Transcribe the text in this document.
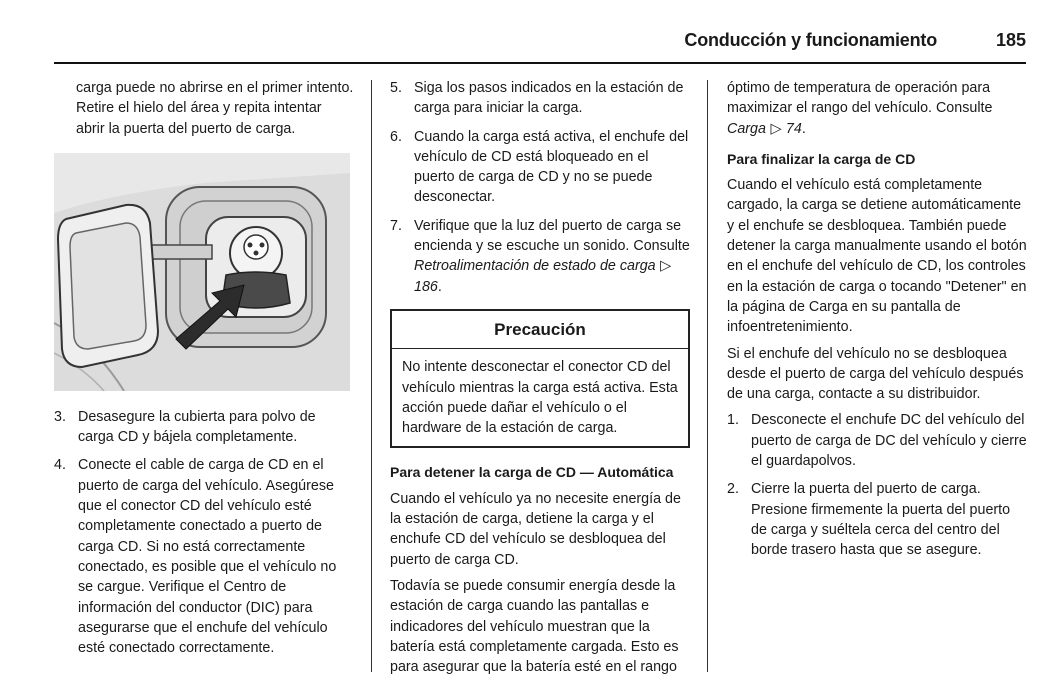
Conducción y funcionamiento	185

carga puede no abrirse en el primer intento. Retire el hielo del área y repita intentar abrir la puerta del puerto de carga.

3. Desasegure la cubierta para polvo de carga CD y bájela completamente.
4. Conecte el cable de carga de CD en el puerto de carga del vehículo. Asegúrese que el conector CD del vehículo esté completamente conectado a puerto de carga CD. Si no está correctamente conectado, es posible que el vehículo no se cargue. Verifique el Centro de información del conductor (DIC) para asegurarse que el enchufe del vehículo esté conectado correctamente.
5. Siga los pasos indicados en la estación de carga para iniciar la carga.
6. Cuando la carga está activa, el enchufe del vehículo de CD está bloqueado en el puerto de carga de CD y no se puede desconectar.
7. Verifique que la luz del puerto de carga se encienda y se escuche un sonido. Consulte Retroalimentación de estado de carga ▷ 186.
Precaución
No intente desconectar el conector CD del vehículo mientras la carga está activa. Esta acción puede dañar el vehículo o el hardware de la estación de carga.
Para detener la carga de CD — Automática

Cuando el vehículo ya no necesite energía de la estación de carga, detiene la carga y el enchufe CD del vehículo se desbloquea del puerto de carga CD.

Todavía se puede consumir energía desde la estación de carga cuando las pantallas e indicadores del vehículo muestran que la batería está completamente cargada. Esto es para asegurar que la batería esté en el rango

óptimo de temperatura de operación para maximizar el rango del vehículo. Consulte Carga ▷ 74.

Para finalizar la carga de CD

Cuando el vehículo está completamente cargado, la carga se detiene automáticamente y el enchufe se desbloquea. También puede detener la carga manualmente usando el botón en el enchufe del vehículo de CD, los controles en la estación de carga o tocando "Detener" en la página de Carga en su pantalla de infoentretenimiento.

Si el enchufe del vehículo no se desbloquea desde el puerto de carga del vehículo después de una carga, contacte a su distribuidor.

1. Desconecte el enchufe DC del vehículo del puerto de carga de DC del vehículo y cierre el guardapolvos.
2. Cierre la puerta del puerto de carga. Presione firmemente la puerta del puerto de carga y suéltela cerca del centro del borde trasero hasta que se asegure.
